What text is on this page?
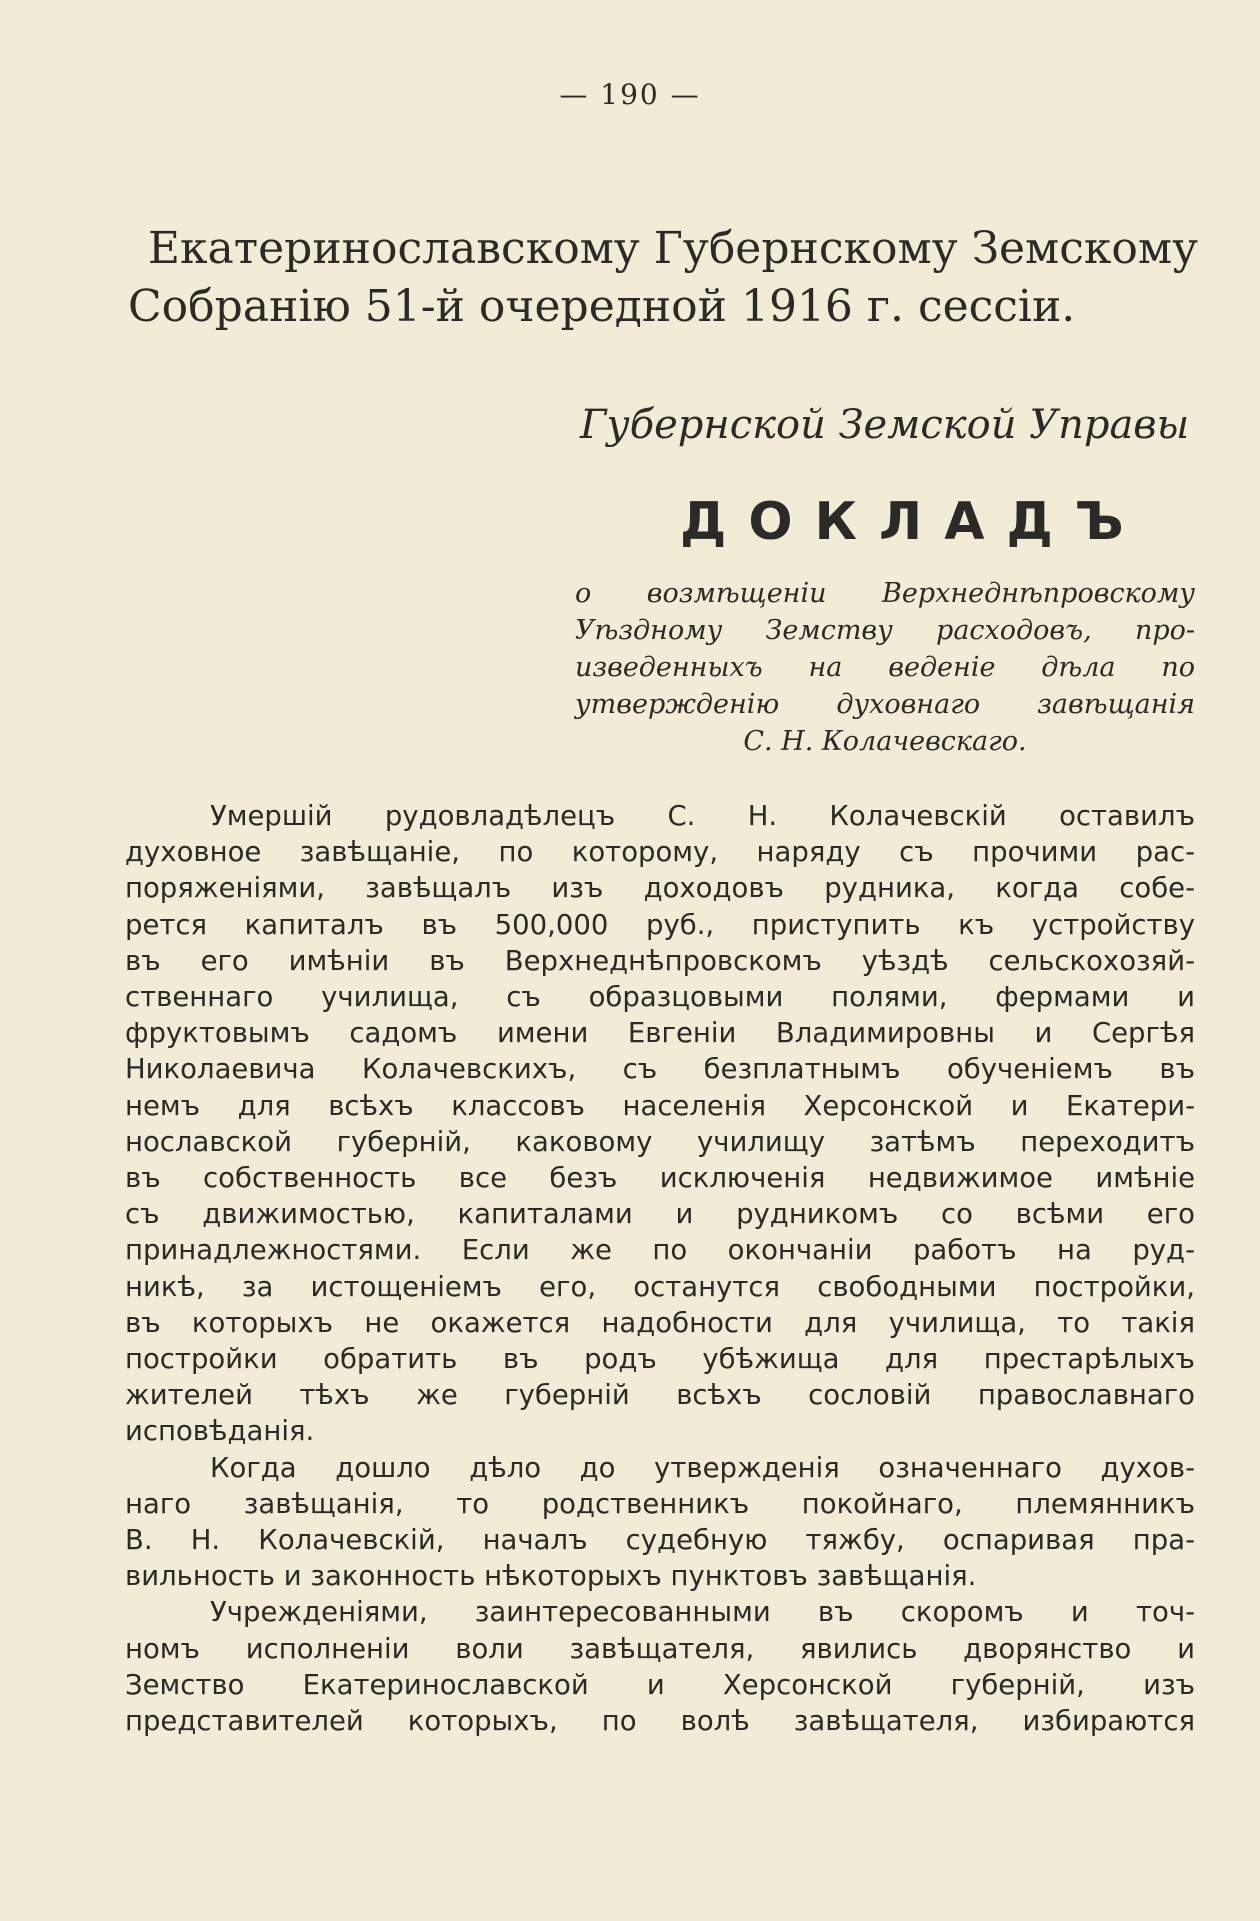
— 190 —
Екатеринославскому Губернскому Земскому
Собранію 51-й очередной 1916 г. сессіи.
Губернской Земской Управы
ДОКЛАДЪ
о возмѣщеніи Верхнеднѣпровскому
Уѣздному Земству расходовъ, про-
изведенныхъ на веденіе дѣла по
утвержденію духовнаго завѣщанія
С. Н. Колачевскаго.
Умершій рудовладѣлецъ С. Н. Колачевскій оставилъ
духовное завѣщаніе, по которому, наряду съ прочими рас-
поряженіями, завѣщалъ изъ доходовъ рудника, когда собе-
рется капиталъ въ 500,000 руб., приступить къ устройству
въ его имѣніи въ Верхнеднѣпровскомъ уѣздѣ сельскохозяй-
ственнаго училища, съ образцовыми полями, фермами и
фруктовымъ садомъ имени Евгеніи Владимировны и Сергѣя
Николаевича Колачевскихъ, съ безплатнымъ обученіемъ въ
немъ для всѣхъ классовъ населенія Херсонской и Екатери-
нославской губерній, каковому училищу затѣмъ переходитъ
въ собственность все безъ исключенія недвижимое имѣніе
съ движимостью, капиталами и рудникомъ со всѣми его
принадлежностями. Если же по окончаніи работъ на руд-
никѣ, за истощеніемъ его, останутся свободными постройки,
въ которыхъ не окажется надобности для училища, то такія
постройки обратить въ родъ убѣжища для престарѣлыхъ
жителей тѣхъ же губерній всѣхъ сословій православнаго
исповѣданія.
Когда дошло дѣло до утвержденія означеннаго духов-
наго завѣщанія, то родственникъ покойнаго, племянникъ
В. Н. Колачевскій, началъ судебную тяжбу, оспаривая пра-
вильность и законность нѣкоторыхъ пунктовъ завѣщанія.
Учрежденіями, заинтересованными въ скоромъ и точ-
номъ исполненіи воли завѣщателя, явились дворянство и
Земство Екатеринославской и Херсонской губерній, изъ
представителей которыхъ, по волѣ завѣщателя, избираются
